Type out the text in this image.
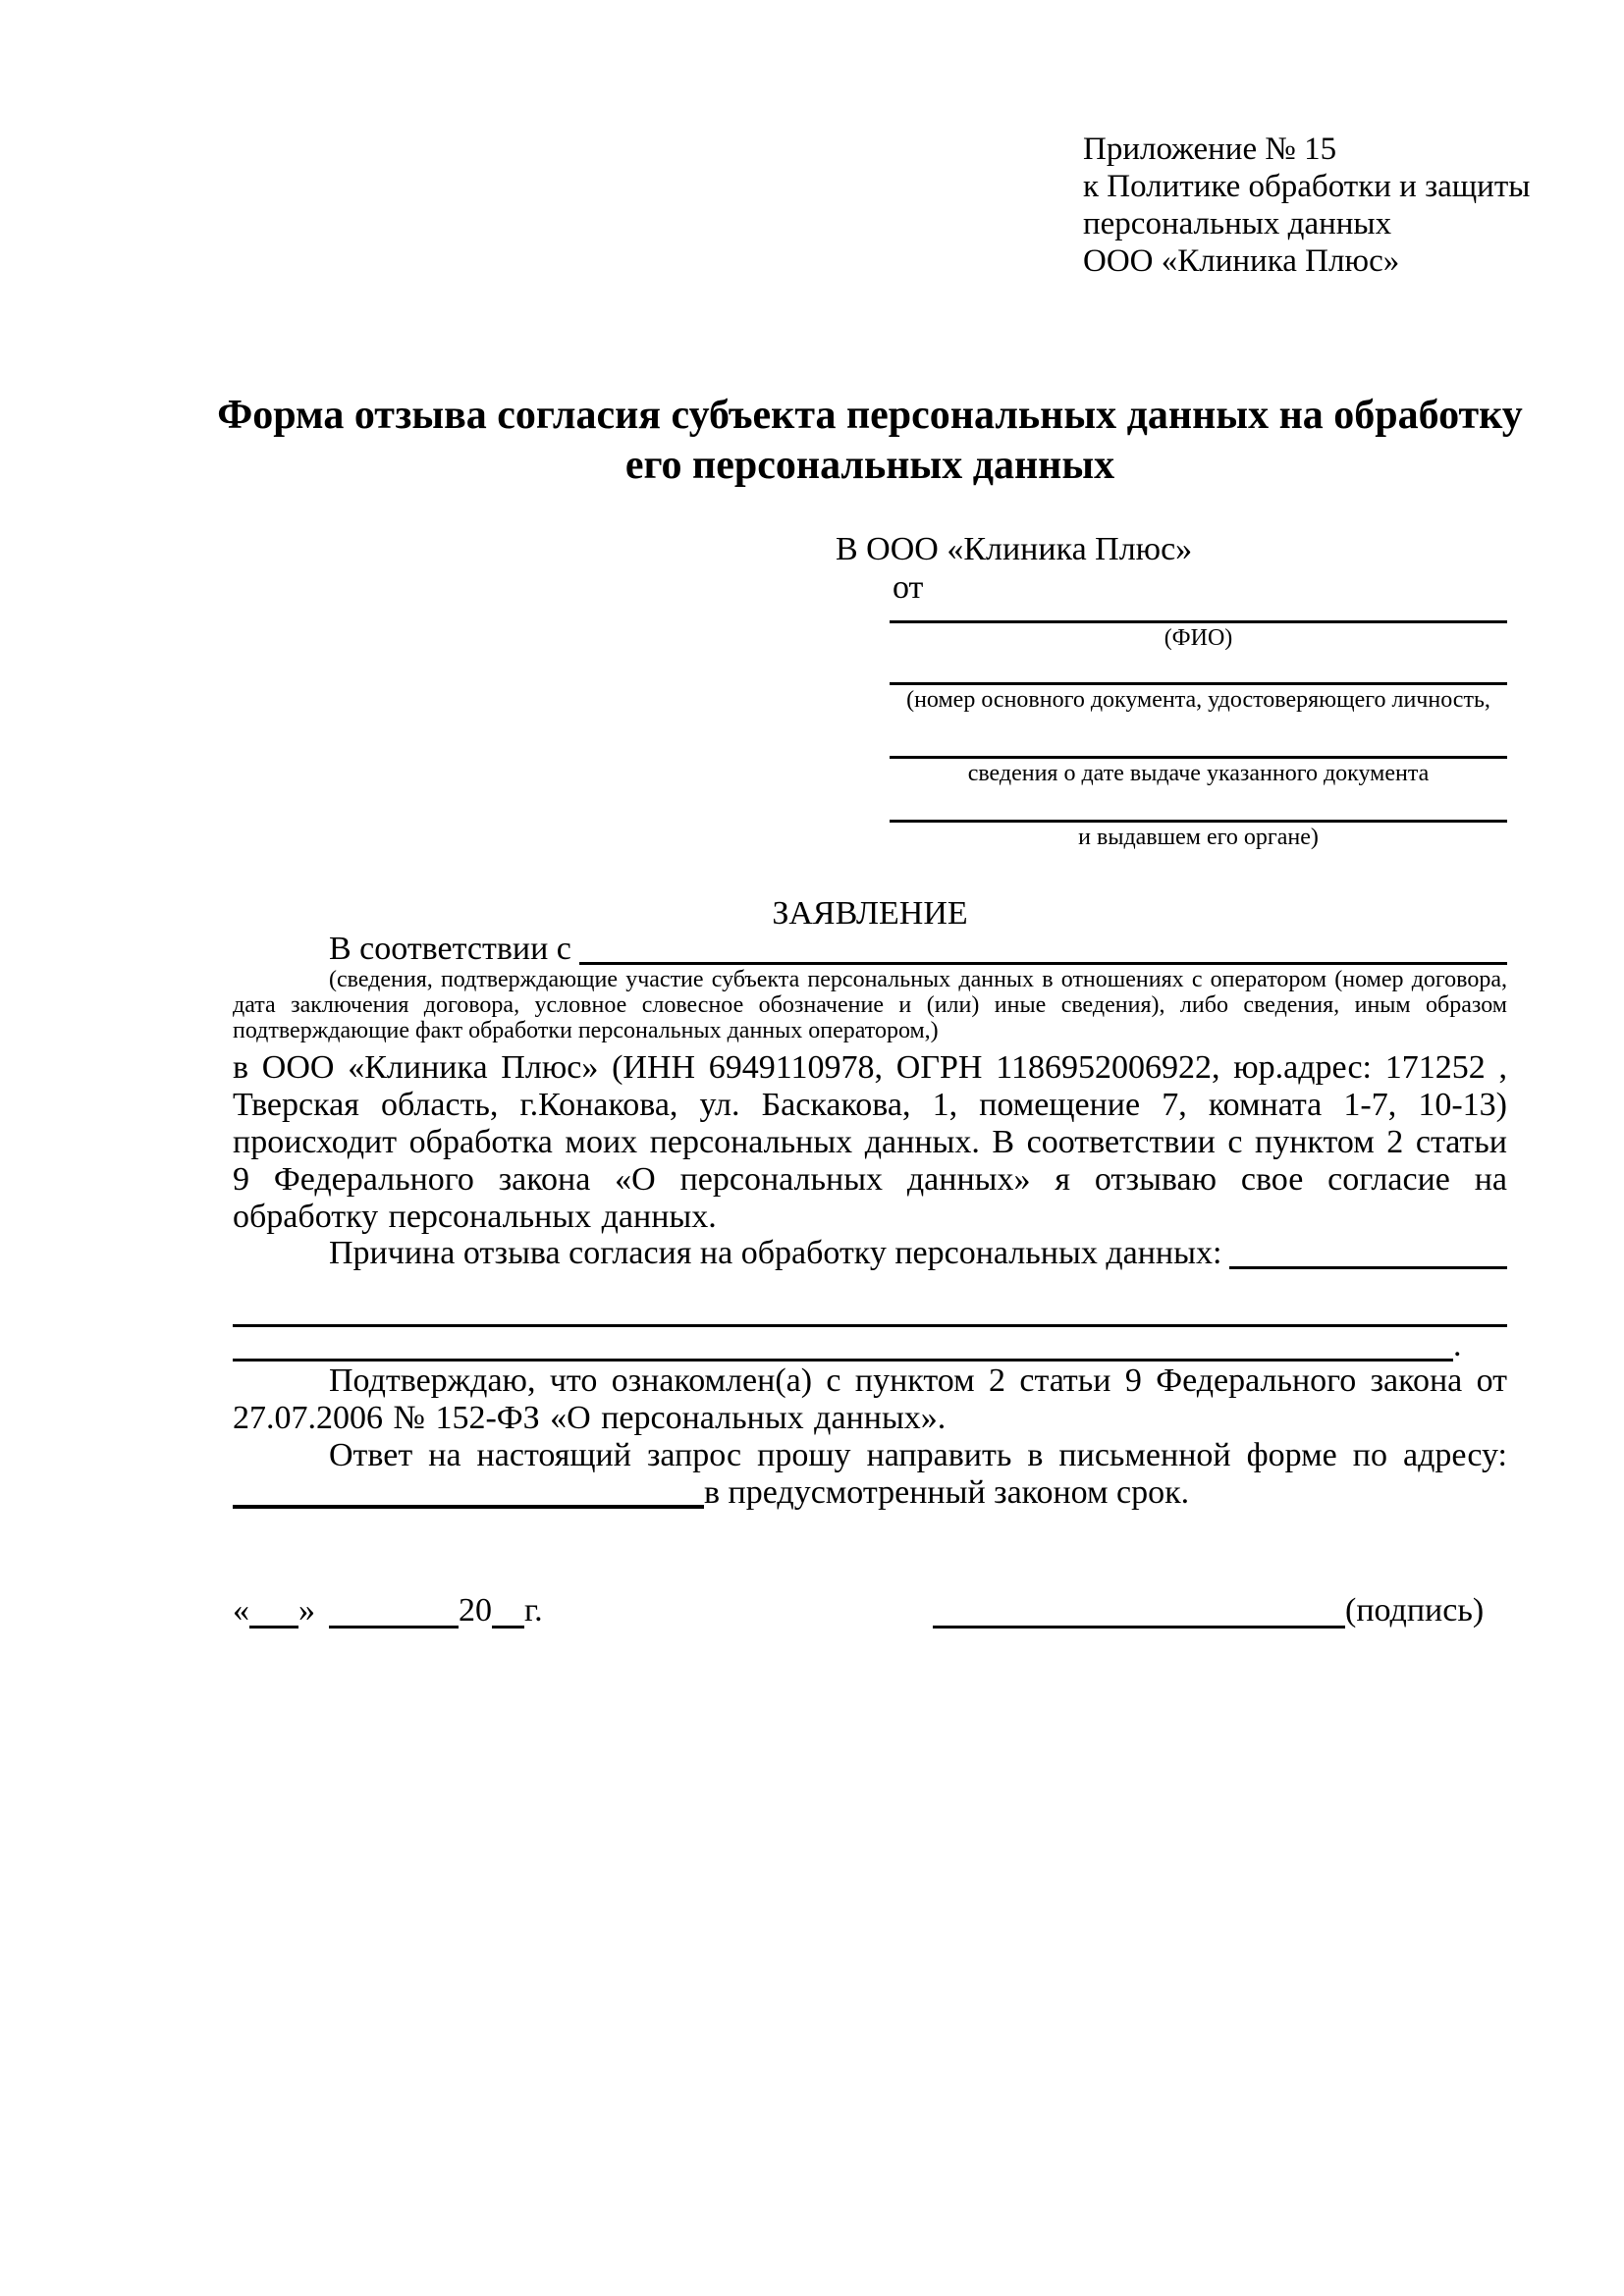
Приложение № 15
к Политике обработки и защиты
персональных данных
ООО «Клиника Плюс»
Форма отзыва согласия субъекта персональных данных на обработку его персональных данных
В ООО «Клиника Плюс»
от
(ФИО)
(номер основного документа, удостоверяющего личность,
сведения о дате выдаче указанного документа
и выдавшем его органе)
ЗАЯВЛЕНИЕ
В соответствии с
(сведения, подтверждающие участие субъекта персональных данных в отношениях с оператором (номер договора, дата заключения договора, условное словесное обозначение и (или) иные сведения), либо сведения, иным образом подтверждающие факт обработки персональных данных оператором,)
в ООО «Клиника Плюс» (ИНН 6949110978, ОГРН 1186952006922, юр.адрес: 171252 , Тверская область, г.Конакова, ул. Баскакова, 1, помещение 7, комната 1-7, 10-13) происходит обработка моих персональных данных. В соответствии с пунктом 2 статьи 9 Федерального закона «О персональных данных» я отзываю свое согласие на обработку персональных данных.
Причина отзыва согласия на обработку персональных данных:
.
Подтверждаю, что ознакомлен(а) с пунктом 2 статьи 9 Федерального закона от 27.07.2006 № 152-ФЗ «О персональных данных».
Ответ на настоящий запрос прошу направить в письменной форме по адресу:
в предусмотренный законом срок.
« »	20 г.	(подпись)
